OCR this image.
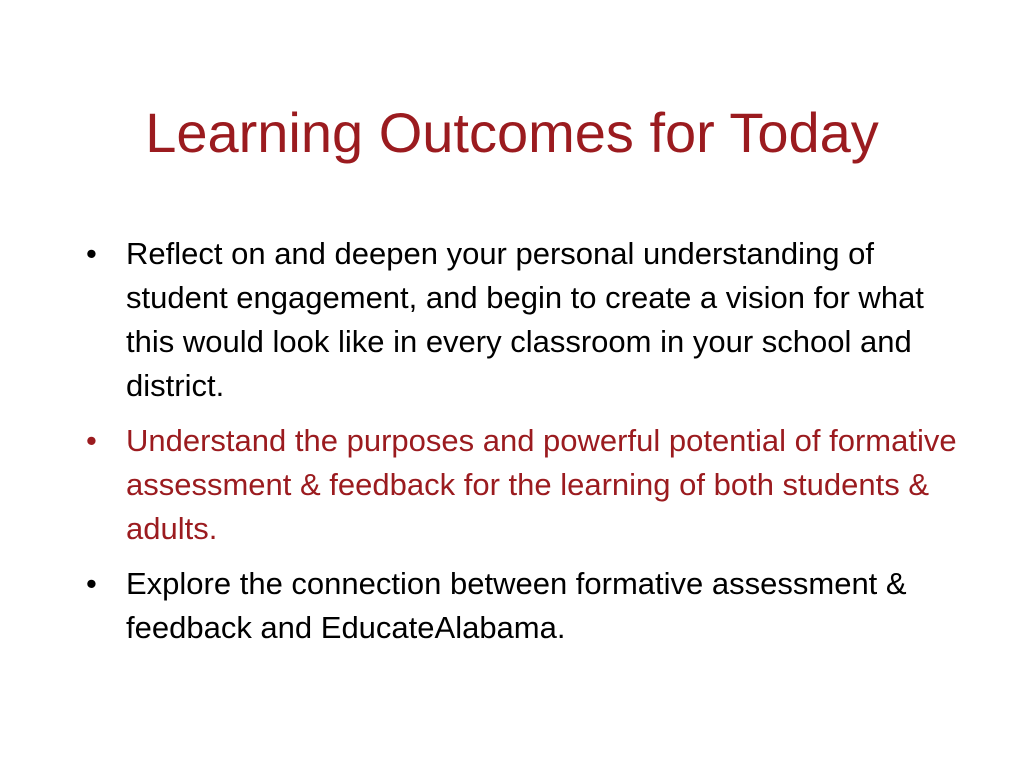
Learning Outcomes for Today
• Reflect on and deepen your personal understanding of student engagement, and begin to create a vision for what this would look like in every classroom in your school and district.
• Understand the purposes and powerful potential of formative assessment & feedback for the learning of both students & adults.
• Explore the connection between formative assessment & feedback and EducateAlabama.
